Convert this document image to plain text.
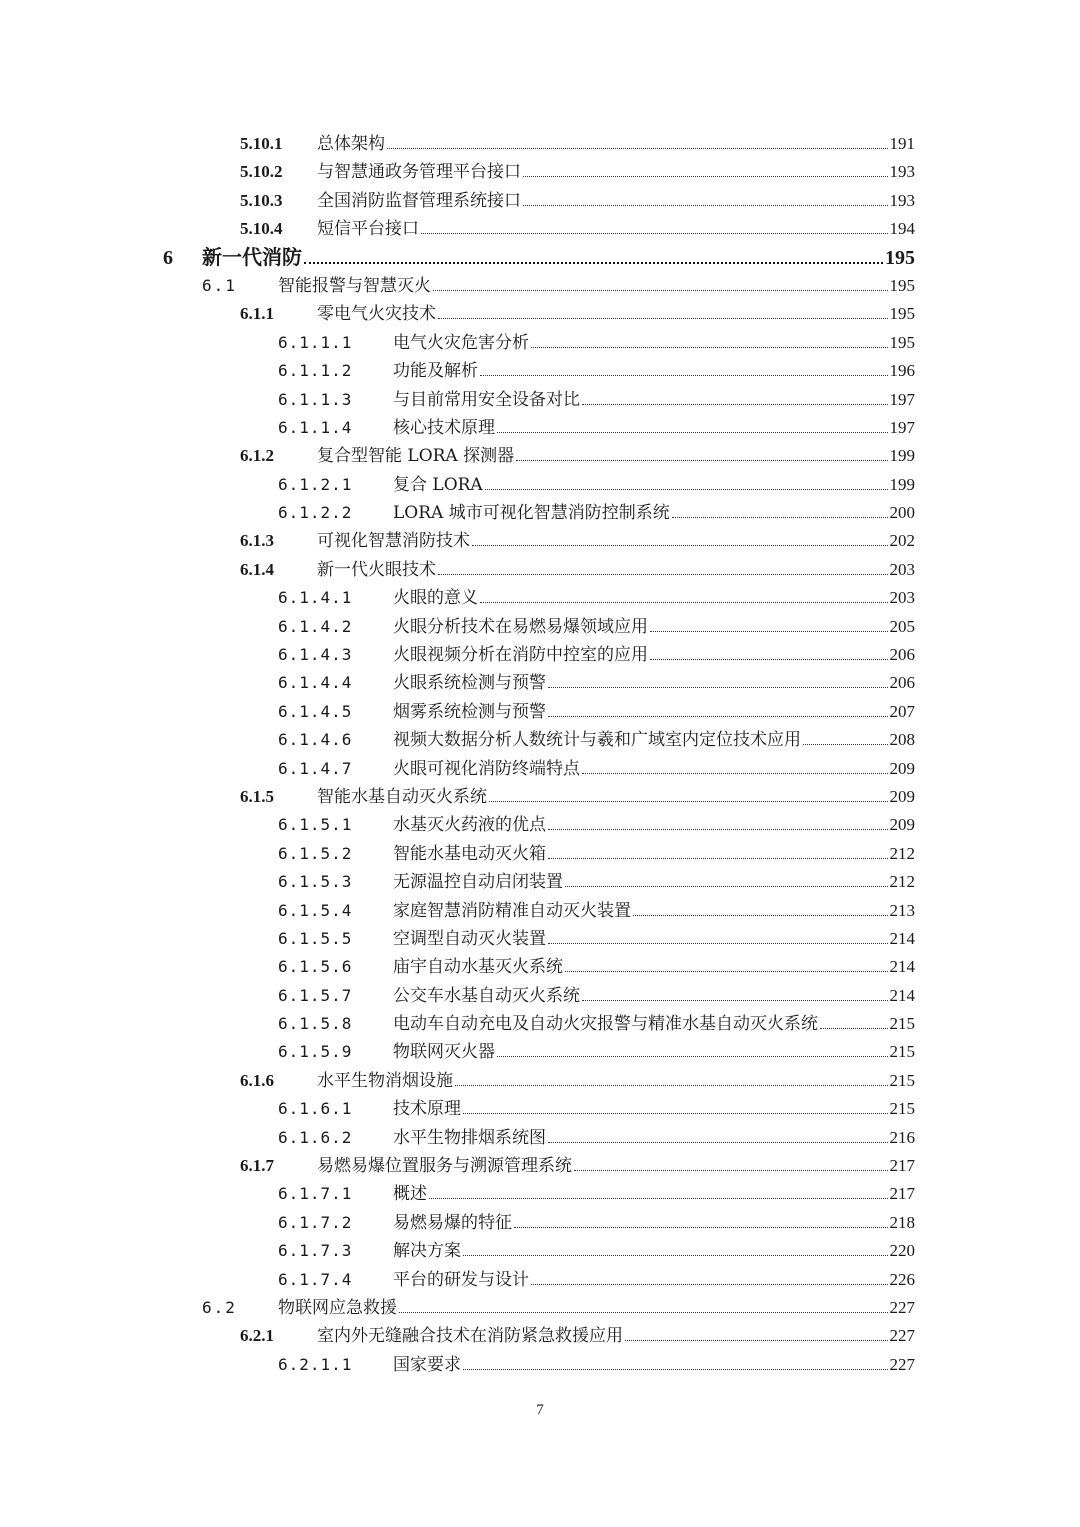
5.10.1 总体架构	191
5.10.2 与智慧通政务管理平台接口	193
5.10.3 全国消防监督管理系统接口	193
5.10.4 短信平台接口	194
6 新一代消防	195
6.1 智能报警与智慧灭火	195
6.1.1	零电气火灾技术	195
6.1.1.1 电气火灾危害分析	195
6.1.1.2 功能及解析	196
6.1.1.3 与目前常用安全设备对比	197
6.1.1.4 核心技术原理	197
6.1.2	复合型智能 LORA 探测器	199
6.1.2.1 复合 LORA	199
6.1.2.2 LORA 城市可视化智慧消防控制系统	200
6.1.3	可视化智慧消防技术	202
6.1.4	新一代火眼技术	203
6.1.4.1 火眼的意义	203
6.1.4.2 火眼分析技术在易燃易爆领域应用	205
6.1.4.3 火眼视频分析在消防中控室的应用	206
6.1.4.4 火眼系统检测与预警	206
6.1.4.5 烟雾系统检测与预警	207
6.1.4.6 视频大数据分析人数统计与羲和广域室内定位技术应用	208
6.1.4.7 火眼可视化消防终端特点	209
6.1.5	智能水基自动灭火系统	209
6.1.5.1 水基灭火药液的优点	209
6.1.5.2 智能水基电动灭火箱	212
6.1.5.3 无源温控自动启闭装置	212
6.1.5.4 家庭智慧消防精准自动灭火装置	213
6.1.5.5 空调型自动灭火装置	214
6.1.5.6 庙宇自动水基灭火系统	214
6.1.5.7 公交车水基自动灭火系统	214
6.1.5.8 电动车自动充电及自动火灾报警与精准水基自动灭火系统	215
6.1.5.9 物联网灭火器	215
6.1.6	水平生物消烟设施	215
6.1.6.1 技术原理	215
6.1.6.2 水平生物排烟系统图	216
6.1.7	易燃易爆位置服务与溯源管理系统	217
6.1.7.1 概述	217
6.1.7.2 易燃易爆的特征	218
6.1.7.3 解决方案	220
6.1.7.4 平台的研发与设计	226
6.2 物联网应急救援	227
6.2.1	室内外无缝融合技术在消防紧急救援应用	227
6.2.1.1 国家要求	227
7
